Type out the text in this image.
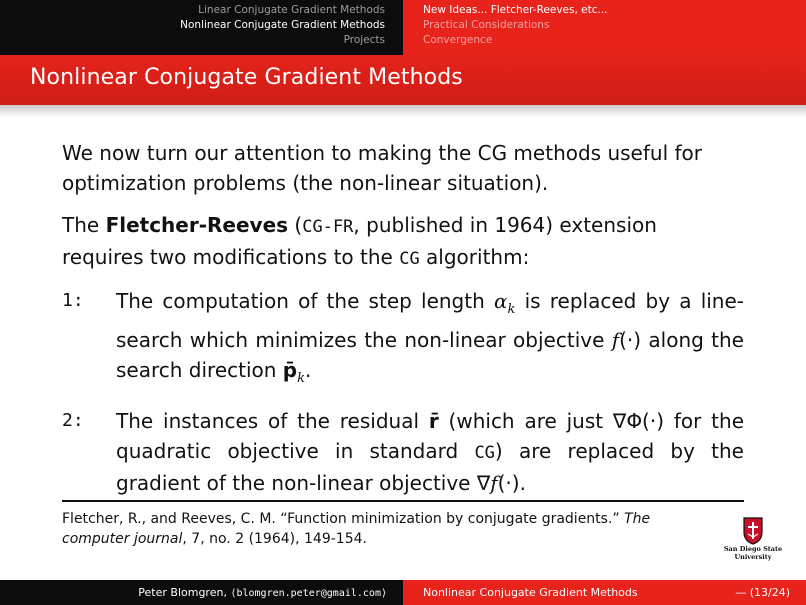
Linear Conjugate Gradient Methods
Nonlinear Conjugate Gradient Methods
Projects
New Ideas... Fletcher-Reeves, etc...
Practical Considerations
Convergence
Nonlinear Conjugate Gradient Methods

We now turn our attention to making the CG methods useful for optimization problems (the non-linear situation).

The Fletcher-Reeves (CG-FR, published in 1964) extension requires two modifications to the CG algorithm:

1:	The computation of the step length $\alpha_k$ is replaced by a line-search which minimizes the non-linear objective f(·) along the search direction $p̄_k$.
2:	The instances of the residual r̄ (which are just ∇Φ(·) for the quadratic objective in standard CG) are replaced by the gradient of the non-linear objective ∇f(·).

Fletcher, R., and Reeves, C. M. “Function minimization by conjugate gradients.” The computer journal, 7, no. 2 (1964), 149-154.

San Diego State
University
Peter Blomgren, ⟨blomgren.peter@gmail.com⟩	Nonlinear Conjugate Gradient Methods	— (13/24)
